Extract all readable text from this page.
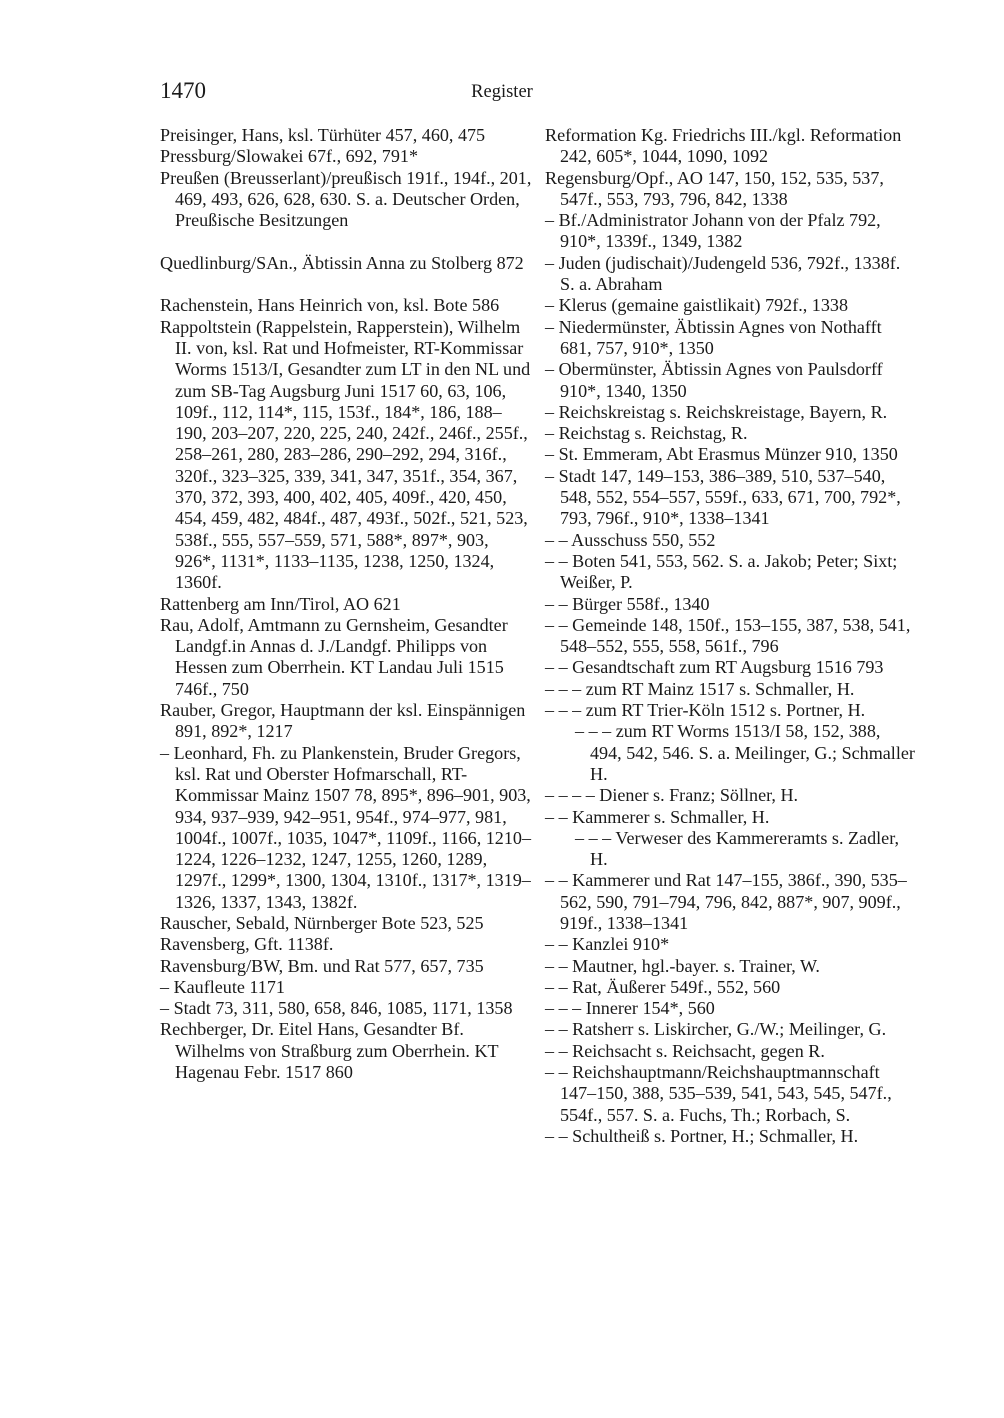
1470	Register
Preisinger, Hans, ksl. Türhüter 457, 460, 475
Pressburg/Slowakei 67f., 692, 791*
Preußen (Breusserlant)/preußisch 191f., 194f., 201, 469, 493, 626, 628, 630. S. a. Deutscher Orden, Preußische Besitzungen
Quedlinburg/SAn., Äbtissin Anna zu Stolberg 872
Rachenstein, Hans Heinrich von, ksl. Bote 586
Rappoltstein (Rappelstein, Rapperstein), Wilhelm II. von, ksl. Rat und Hofmeister, RT-Kommissar Worms 1513/I, Gesandter zum LT in den NL und zum SB-Tag Augsburg Juni 1517 60, 63, 106, 109f., 112, 114*, 115, 153f., 184*, 186, 188–190, 203–207, 220, 225, 240, 242f., 246f., 255f., 258–261, 280, 283–286, 290–292, 294, 316f., 320f., 323–325, 339, 341, 347, 351f., 354, 367, 370, 372, 393, 400, 402, 405, 409f., 420, 450, 454, 459, 482, 484f., 487, 493f., 502f., 521, 523, 538f., 555, 557–559, 571, 588*, 897*, 903, 926*, 1131*, 1133–1135, 1238, 1250, 1324, 1360f.
Rattenberg am Inn/Tirol, AO 621
Rau, Adolf, Amtmann zu Gernsheim, Gesandter Landgf.in Annas d. J./Landgf. Philipps von Hessen zum Oberrhein. KT Landau Juli 1515 746f., 750
Rauber, Gregor, Hauptmann der ksl. Einspännigen 891, 892*, 1217
– Leonhard, Fh. zu Plankenstein, Bruder Gregors, ksl. Rat und Oberster Hofmarschall, RT-Kommissar Mainz 1507 78, 895*, 896–901, 903, 934, 937–939, 942–951, 954f., 974–977, 981, 1004f., 1007f., 1035, 1047*, 1109f., 1166, 1210–1224, 1226–1232, 1247, 1255, 1260, 1289, 1297f., 1299*, 1300, 1304, 1310f., 1317*, 1319–1326, 1337, 1343, 1382f.
Rauscher, Sebald, Nürnberger Bote 523, 525
Ravensberg, Gft. 1138f.
Ravensburg/BW, Bm. und Rat 577, 657, 735
– Kaufleute 1171
– Stadt 73, 311, 580, 658, 846, 1085, 1171, 1358
Rechberger, Dr. Eitel Hans, Gesandter Bf. Wilhelms von Straßburg zum Oberrhein. KT Hagenau Febr. 1517 860
Reformation Kg. Friedrichs III./kgl. Reformation 242, 605*, 1044, 1090, 1092
Regensburg/Opf., AO 147, 150, 152, 535, 537, 547f., 553, 793, 796, 842, 1338
– Bf./Administrator Johann von der Pfalz 792, 910*, 1339f., 1349, 1382
– Juden (judischait)/Judengeld 536, 792f., 1338f. S. a. Abraham
– Klerus (gemaine gaistlikait) 792f., 1338
– Niedermünster, Äbtissin Agnes von Nothafft 681, 757, 910*, 1350
– Obermünster, Äbtissin Agnes von Paulsdorff 910*, 1340, 1350
– Reichskreistag s. Reichskreistage, Bayern, R.
– Reichstag s. Reichstag, R.
– St. Emmeram, Abt Erasmus Münzer 910, 1350
– Stadt 147, 149–153, 386–389, 510, 537–540, 548, 552, 554–557, 559f., 633, 671, 700, 792*, 793, 796f., 910*, 1338–1341
– – Ausschuss 550, 552
– – Boten 541, 553, 562. S. a. Jakob; Peter; Sixt; Weißer, P.
– – Bürger 558f., 1340
– – Gemeinde 148, 150f., 153–155, 387, 538, 541, 548–552, 555, 558, 561f., 796
– – Gesandtschaft zum RT Augsburg 1516 793
– – – zum RT Mainz 1517 s. Schmaller, H.
– – – zum RT Trier-Köln 1512 s. Portner, H.
– – – zum RT Worms 1513/I 58, 152, 388, 494, 542, 546. S. a. Meilinger, G.; Schmaller H.
– – – – Diener s. Franz; Söllner, H.
– – Kammerer s. Schmaller, H.
– – – Verweser des Kammereramts s. Zadler, H.
– – Kammerer und Rat 147–155, 386f., 390, 535–562, 590, 791–794, 796, 842, 887*, 907, 909f., 919f., 1338–1341
– – Kanzlei 910*
– – Mautner, hgl.-bayer. s. Trainer, W.
– – Rat, Äußerer 549f., 552, 560
– – – Innerer 154*, 560
– – Ratsherr s. Liskircher, G./W.; Meilinger, G.
– – Reichsacht s. Reichsacht, gegen R.
– – Reichshauptmann/Reichshauptmannschaft 147–150, 388, 535–539, 541, 543, 545, 547f., 554f., 557. S. a. Fuchs, Th.; Rorbach, S.
– – Schultheiß s. Portner, H.; Schmaller, H.
